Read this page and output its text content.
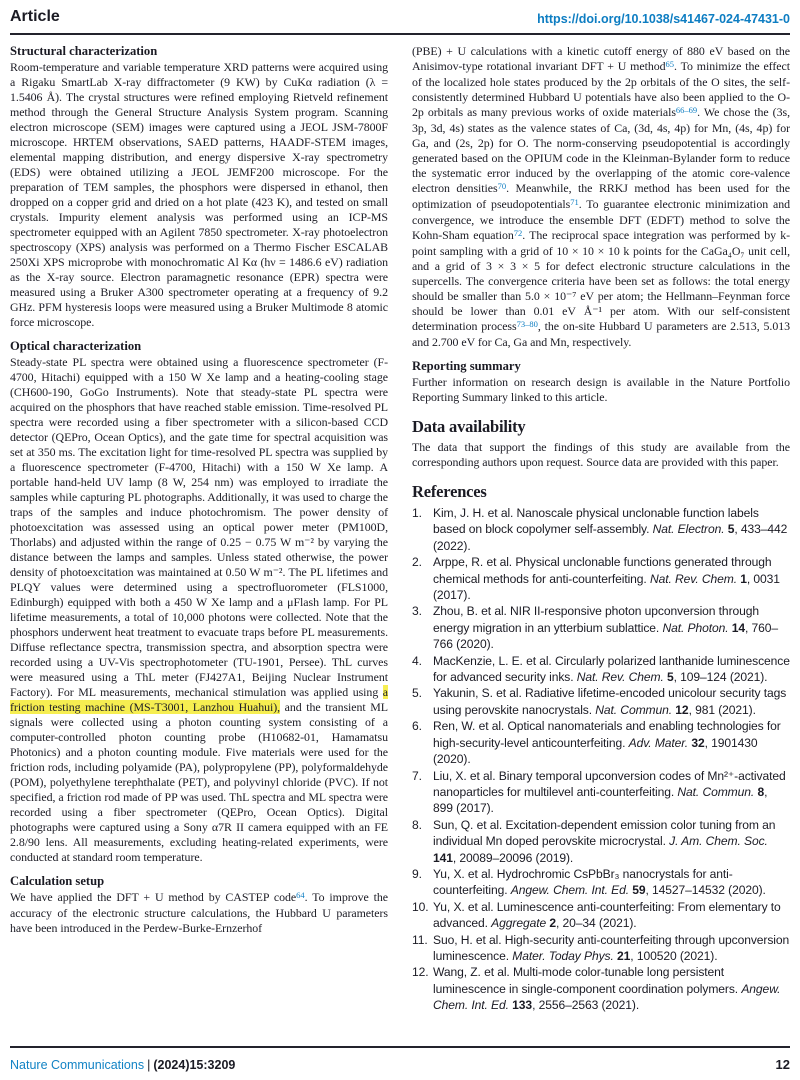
Article	https://doi.org/10.1038/s41467-024-47431-0
Structural characterization

Room-temperature and variable temperature XRD patterns were acquired using a Rigaku SmartLab X-ray diffractometer (9 KW) by CuKα radiation (λ = 1.5406 Å). The crystal structures were refined employing Rietveld refinement method through the General Structure Analysis System program. Scanning electron microscope (SEM) images were captured using a JEOL JSM-7800F microscope. HRTEM observations, SAED patterns, HAADF-STEM images, elemental mapping distribution, and energy dispersive X-ray spectrometry (EDS) were obtained utilizing a JEOL JEMF200 microscope. For the preparation of TEM samples, the phosphors were dispersed in ethanol, then dropped on a copper grid and dried on a hot plate (423 K), and tested on small crystals. Impurity element analysis was performed using an ICP-MS spectrometer equipped with an Agilent 7850 spectrometer. X-ray photoelectron spectroscopy (XPS) analysis was performed on a Thermo Fischer ESCALAB 250Xi XPS microprobe with monochromatic Al Kα (hν = 1486.6 eV) radiation as the X-ray source. Electron paramagnetic resonance (EPR) spectra were measured using a Bruker A300 spectrometer operating at a frequency of 9.2 GHz. PFM hysteresis loops were measured using a Bruker Multimode 8 atomic force microscope.

Optical characterization

Steady-state PL spectra were obtained using a fluorescence spectrometer (F-4700, Hitachi) equipped with a 150 W Xe lamp and a heating-cooling stage (CH600-190, GoGo Instruments). Note that steady-state PL spectra were acquired on the phosphors that have reached stable emission. Time-resolved PL spectra were recorded using a fiber spectrometer with a silicon-based CCD detector (QEPro, Ocean Optics), and the gate time for spectral acquisition was set at 350 ms. The excitation light for time-resolved PL spectra was supplied by a fluorescence spectrometer (F-4700, Hitachi) with a 150 W Xe lamp. A portable hand-held UV lamp (8 W, 254 nm) was employed to irradiate the samples while capturing PL photographs. Additionally, it was used to charge the traps of the samples and induce photochromism. The power density of photoexcitation was assessed using an optical power meter (PM100D, Thorlabs) and adjusted within the range of 0.25 − 0.75 W m⁻² by varying the distance between the lamps and samples. Unless stated otherwise, the power density of photoexcitation was maintained at 0.50 W m⁻². The PL lifetimes and PLQY values were determined using a spectrofluorometer (FLS1000, Edinburgh) equipped with both a 450 W Xe lamp and a μFlash lamp. For PL lifetime measurements, a total of 10,000 photons were collected. Note that the phosphors underwent heat treatment to evacuate traps before PL measurements. Diffuse reflectance spectra, transmission spectra, and absorption spectra were recorded using a UV-Vis spectrophotometer (TU-1901, Persee). ThL curves were measured using a ThL meter (FJ427A1, Beijing Nuclear Instrument Factory). For ML measurements, mechanical stimulation was applied using a friction testing machine (MS-T3001, Lanzhou Huahui), and the transient ML signals were collected using a photon counting system consisting of a computer-controlled photon counting probe (H10682-01, Hamamatsu Photonics) and a photon counting module. Five materials were used for the friction rods, including polyamide (PA), polypropylene (PP), polyformaldehyde (POM), polyethylene terephthalate (PET), and polyvinyl chloride (PVC). If not specified, a friction rod made of PP was used. ThL spectra and ML spectra were recorded using a fiber spectrometer (QEPro, Ocean Optics). Digital photographs were captured using a Sony α7R II camera equipped with an FE 2.8/90 lens. All measurements, excluding heating-related experiments, were conducted at standard room temperature.

Calculation setup

We have applied the DFT + U method by CASTEP code$^{64}$. To improve the accuracy of the electronic structure calculations, the Hubbard U parameters have been introduced in the Perdew-Burke-Ernzerhof

(PBE) + U calculations with a kinetic cutoff energy of 880 eV based on the Anisimov-type rotational invariant DFT + U method$^{65}$. To minimize the effect of the localized hole states produced by the 2p orbitals of the O sites, the self-consistently determined Hubbard U potentials have also been applied to the O-2p orbitals as many previous works of oxide materials$^{66-69}$. We chose the (3s, 3p, 3d, 4s) states as the valence states of Ca, (3d, 4s, 4p) for Mn, (4s, 4p) for Ga, and (2s, 2p) for O. The norm-conserving pseudopotential is accordingly generated based on the OPIUM code in the Kleinman-Bylander form to reduce the systematic error induced by the overlapping of the atomic core-valence electron densities$^{70}$. Meanwhile, the RRKJ method has been used for the optimization of pseudopotentials$^{71}$. To guarantee electronic minimization and convergence, we introduce the ensemble DFT (EDFT) method to solve the Kohn-Sham equation$^{72}$. The reciprocal space integration was performed by k-point sampling with a grid of 10 × 10 × 10 k points for the CaGa₄O₇ unit cell, and a grid of 3 × 3 × 5 for defect electronic structure calculations in the supercells. The convergence criteria have been set as follows: the total energy should be smaller than 5.0 × 10⁻⁷ eV per atom; the Hellmann–Feynman force should be lower than 0.01 eV Å⁻¹ per atom. With our self-consistent determination process$^{73-80}$, the on-site Hubbard U parameters are 2.513, 5.013 and 2.700 eV for Ca, Ga and Mn, respectively.

Reporting summary

Further information on research design is available in the Nature Portfolio Reporting Summary linked to this article.

Data availability

The data that support the findings of this study are available from the corresponding authors upon request. Source data are provided with this paper.

References
1. Kim, J. H. et al. Nanoscale physical unclonable function labels based on block copolymer self-assembly. Nat. Electron. 5, 433–442 (2022).
2. Arppe, R. et al. Physical unclonable functions generated through chemical methods for anti-counterfeiting. Nat. Rev. Chem. 1, 0031 (2017).
3. Zhou, B. et al. NIR II-responsive photon upconversion through energy migration in an ytterbium sublattice. Nat. Photon. 14, 760–766 (2020).
4. MacKenzie, L. E. et al. Circularly polarized lanthanide luminescence for advanced security inks. Nat. Rev. Chem. 5, 109–124 (2021).
5. Yakunin, S. et al. Radiative lifetime-encoded unicolour security tags using perovskite nanocrystals. Nat. Commun. 12, 981 (2021).
6. Ren, W. et al. Optical nanomaterials and enabling technologies for high-security-level anticounterfeiting. Adv. Mater. 32, 1901430 (2020).
7. Liu, X. et al. Binary temporal upconversion codes of Mn²⁺-activated nanoparticles for multilevel anti-counterfeiting. Nat. Commun. 8, 899 (2017).
8. Sun, Q. et al. Excitation-dependent emission color tuning from an individual Mn doped perovskite microcrystal. J. Am. Chem. Soc. 141, 20089–20096 (2019).
9. Yu, X. et al. Hydrochromic CsPbBr₃ nanocrystals for anti-counterfeiting. Angew. Chem. Int. Ed. 59, 14527–14532 (2020).
10. Yu, X. et al. Luminescence anti-counterfeiting: From elementary to advanced. Aggregate 2, 20–34 (2021).
11. Suo, H. et al. High-security anti-counterfeiting through upconversion luminescence. Mater. Today Phys. 21, 100520 (2021).
12. Wang, Z. et al. Multi-mode color-tunable long persistent luminescence in single-component coordination polymers. Angew. Chem. Int. Ed. 133, 2556–2563 (2021).
Nature Communications | (2024)15:3209	12
